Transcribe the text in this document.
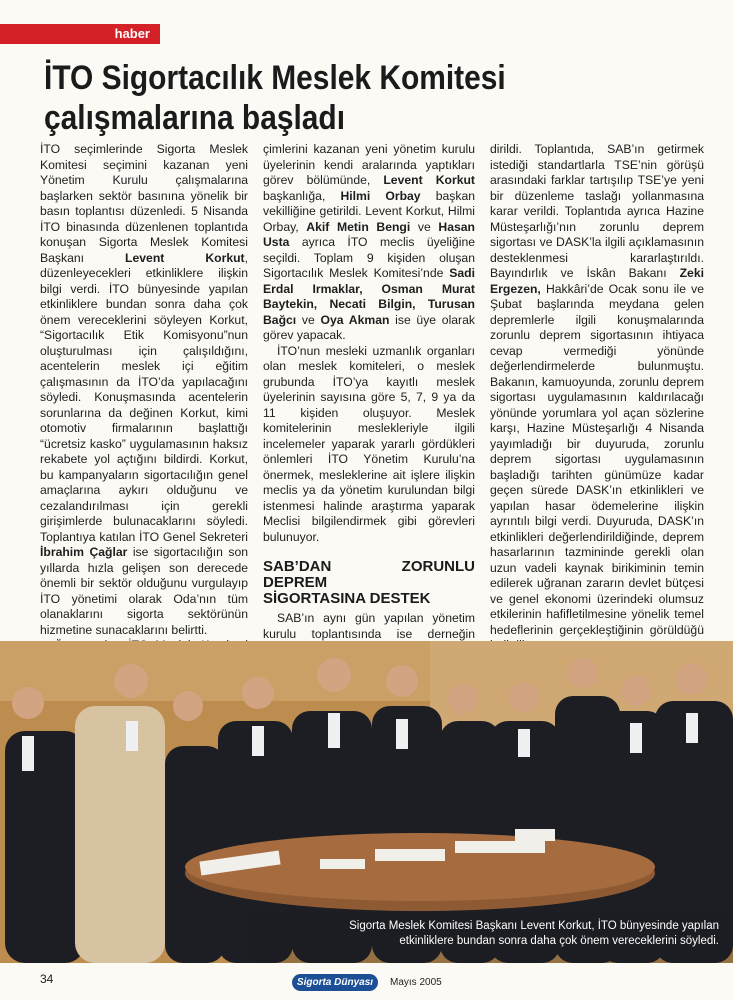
haber
İTO Sigortacılık Meslek Komitesi
çalışmalarına başladı

İTO seçimlerinde Sigorta Meslek Komitesi seçimini kazanan yeni Yönetim Kurulu çalışmalarına başlarken sektör basınına yönelik bir basın toplantısı düzenledi. 5 Nisanda İTO binasında düzenlenen toplantıda konuşan Sigorta Meslek Komitesi Başkanı Levent Korkut, düzenleyecekleri etkinliklere ilişkin bilgi verdi. İTO bünyesinde yapılan etkinliklere bundan sonra daha çok önem vereceklerini söyleyen Korkut, “Sigortacılık Etik Komisyonu”nun oluşturulması için çalışıldığını, acentelerin meslek içi eğitim çalışmasının da İTO’da yapılacağını söyledi. Konuşmasında acentelerin sorunlarına da değinen Korkut, kimi otomotiv firmalarının başlattığı “ücretsiz kasko” uygulamasının haksız rekabete yol açtığını bildirdi. Korkut, bu kampanyaların sigortacılığın genel amaçlarına aykırı olduğunu ve cezalandırılması için gerekli girişimlerde bulunacaklarını söyledi. Toplantıya katılan İTO Genel Sekreteri İbrahim Çağlar ise sigortacılığın son yıllarda hızla gelişen son derecede önemli bir sektör olduğunu vurgulayıp İTO yönetimi olarak Oda’nın tüm olanaklarını sigorta sektörünün hizmetine sunacaklarını belirtti.

çimlerini kazanan yeni yönetim kurulu üyelerinin kendi aralarında yaptıkları görev bölümünde, Levent Korkut başkanlığa, Hilmi Orbay başkan vekilliğine getirildi. Levent Korkut, Hilmi Orbay, Akif Metin Bengi ve Hasan Usta ayrıca İTO meclis üyeliğine seçildi. Toplam 9 kişiden oluşan Sigortacılık Meslek Komitesi’nde Sadi Erdal Irmaklar, Osman Murat Baytekin, Necati Bilgin, Turusan Bağcı ve Oya Akman ise üye olarak görev yapacak.

İTO’nun mesleki uzmanlık organları olan meslek komiteleri, o meslek grubunda İTO’ya kayıtlı meslek üyelerinin sayısına göre 5, 7, 9 ya da 11 kişiden oluşuyor. Meslek komitelerinin meslekleriyle ilgili incelemeler yaparak yararlı gördükleri önlemleri İTO Yönetim Kurulu’na önermek, mesleklerine ait işlere ilişkin meclis ya da yönetim kurulundan bilgi istenmesi halinde araştırma yaparak Meclisi bilgilendirmek gibi görevleri bulunuyor.

SAB’DAN ZORUNLU DEPREM
SİGORTASINA DESTEK

SAB’ın aynı gün yapılan yönetim kurulu toplantısında ise derneğin

dirildi. Toplantıda, SAB’ın getirmek istediği standartlarla TSE’nin görüşü arasındaki farklar tartışılıp TSE’ye yeni bir düzenleme taslağı yollanmasına karar verildi. Toplantıda ayrıca Hazine Müsteşarlığı’nın zorunlu deprem sigortası ve DASK’la ilgili açıklamasının desteklenmesi kararlaştırıldı. Bayındırlık ve İskân Bakanı Zeki Ergezen, Hakkâri’de Ocak sonu ile ve Şubat başlarında meydana gelen depremlerle ilgili konuşmalarında zorunlu deprem sigortasının ihtiyaca cevap vermediği yönünde değerlendirmelerde bulunmuştu. Bakanın, kamuoyunda, zorunlu deprem sigortası uygulamasının kaldırılacağı yönünde yorumlara yol açan sözlerine karşı, Hazine Müsteşarlığı 4 Nisanda yayımladığı bir duyuruda, zorunlu deprem sigortası uygulamasının başladığı tarihten günümüze kadar geçen sürede DASK’ın etkinlikleri ve yapılan hasar ödemelerine ilişkin ayrıntılı bilgi verdi. Duyuruda, DASK’ın etkinlikleri değerlendirildiğinde, deprem hasarlarının tazmininde gerekli olan uzun vadeli kaynak birikiminin temin edilerek uğranan zararın devlet bütçesi ve genel ekonomi üzerindeki olumsuz etkilerinin hafifletilmesine yönelik temel hedeflerinin gerçekleştiğinin görüldüğü

Sigorta Meslek Komitesi Başkanı Levent Korkut, İTO bünyesinde yapılan
etkinliklere bundan sonra daha çok önem vereceklerini söyledi.
34	Sigorta Dünyası	Mayıs 2005
